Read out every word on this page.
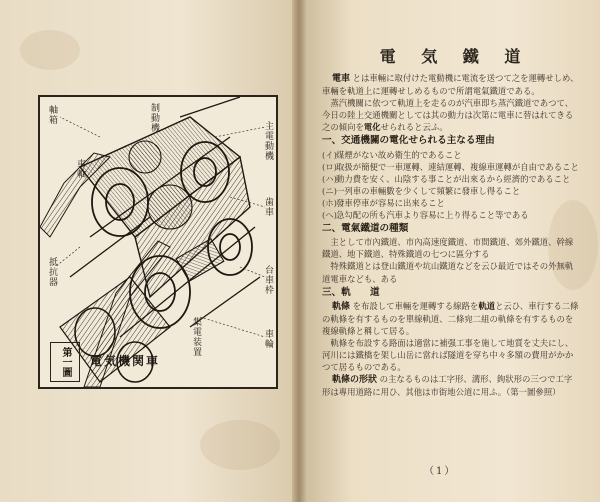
主電動機
歯車
台車枠
車輪
軸箱
抵抗器
制動機
集電装置
車軸
第一圖	電気機関車
電 気 鐵 道

電車 とは車輛に取付けた電動機に電流を送つて之を運轉せしめ、車輛を軌道上に運轉せしめるもので所謂電氣鐵道である。

　蒸汽機關に依つて軌道上を走るのが汽車即ち蒸汽鐵道であつて、今日の陸上交通機關としては其の動力は次第に電車に替はれてきる之の傾向を電化せられると云ふ。

一、交通機關の電化せられる主なる理由

(イ)煤煙がない故め衛生的であること

(ロ)取扱が簡便で一車運轉、連結運轉、複線車運轉が自由であること

(ハ)動力費を安く、山陰する事ことが出來るから經濟的であること

(ニ)一列車の車輛數を少くして頻繁に發車し得ること

(ホ)發車停車が容易に出來ること

(ヘ)急勾配の所も汽車より容易に上り得ること等である

二、電氣鐵道の種類

　主として市內鐵道、市內高速度鐵道、市間鐵道、郊外鐵道、幹線鐵道、地下鐵道、特殊鐵道の七つに區分する

　特殊鐵道とは登山鐵道や坑山鐵道などを云ひ最近ではその外無軌道電車なども、ある

三、軌　　道

軌條 を布設して車輛を運轉する線路を軌道と云ひ、車行する二條の軌條を有するものを單線軌道、二條宛二組の軌條を有するものを複線軌條と稱して居る。

　軌條を布設する路面は適當に補强工事を施して地質を丈夫にし、河川には鐵橋を架し山岳に當れば隧道を穿ち中々多額の費用がかかつて居るものである。

軌條の形狀 の主なるものは工字形、溝形、鉤狀形の三つで工字形は專用道路に用ひ、其他は市街地公道に用ふ。（第一圖參照）

（1）
